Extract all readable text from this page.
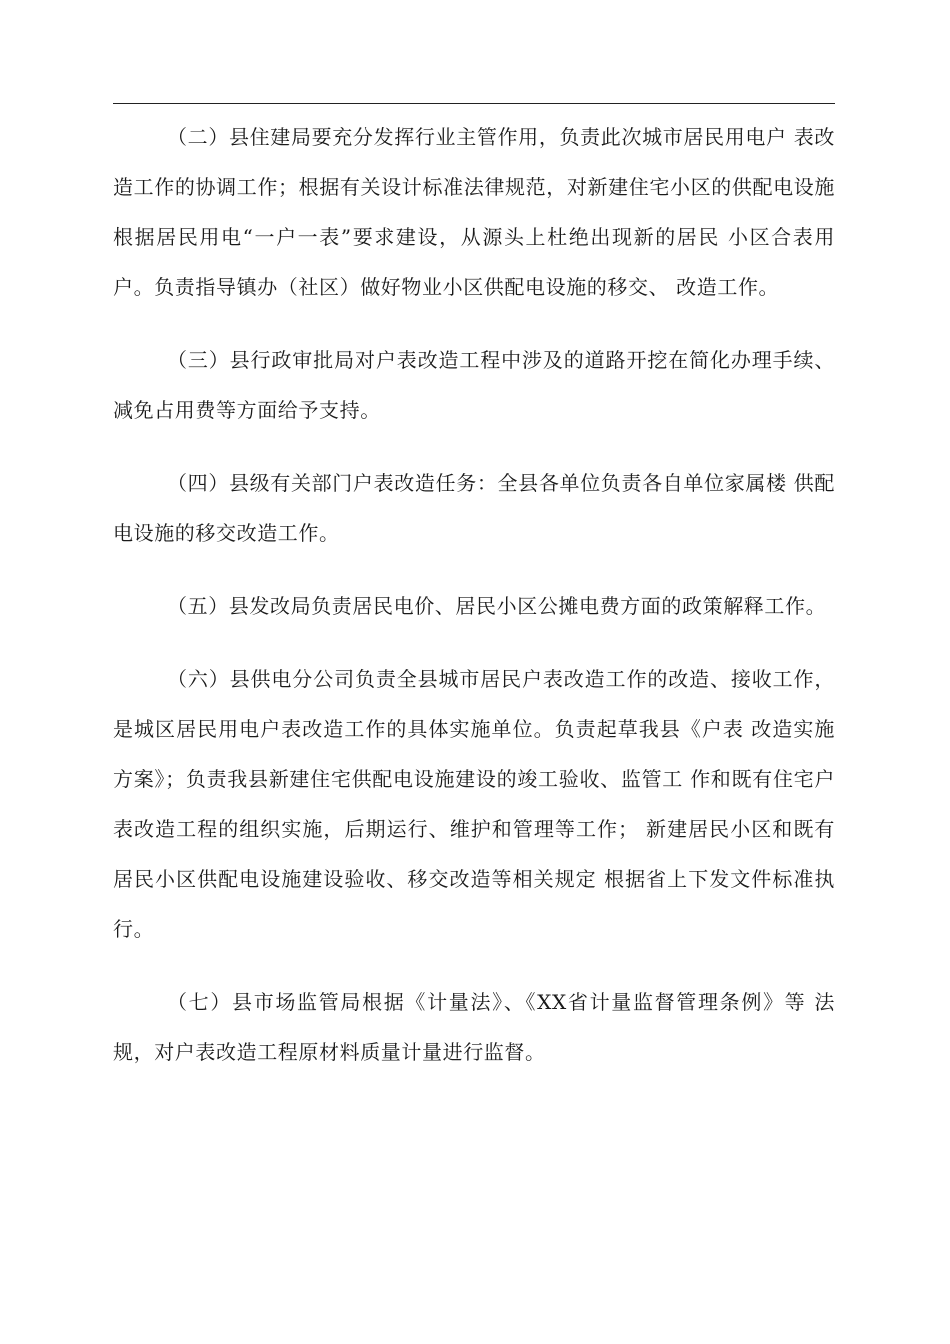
（二）县住建局要充分发挥行业主管作用，负责此次城市居民用电户 表改造工作的协调工作；根据有关设计标准法律规范，对新建住宅小区的供配电设施根据居民用电“一户一表”要求建设，从源头上杜绝出现新的居民 小区合表用户。负责指导镇办（社区）做好物业小区供配电设施的移交、 改造工作。

（三）县行政审批局对户表改造工程中涉及的道路开挖在简化办理手续、减免占用费等方面给予支持。

（四）县级有关部门户表改造任务：全县各单位负责各自单位家属楼 供配电设施的移交改造工作。

（五）县发改局负责居民电价、居民小区公摊电费方面的政策解释工作。

（六）县供电分公司负责全县城市居民户表改造工作的改造、接收工作，是城区居民用电户表改造工作的具体实施单位。负责起草我县《户表 改造实施方案》；负责我县新建住宅供配电设施建设的竣工验收、监管工 作和既有住宅户表改造工程的组织实施，后期运行、维护和管理等工作； 新建居民小区和既有居民小区供配电设施建设验收、移交改造等相关规定 根据省上下发文件标准执行。

（七）县市场监管局根据《计量法》、《XX省计量监督管理条例》等 法规，对户表改造工程原材料质量计量进行监督。
